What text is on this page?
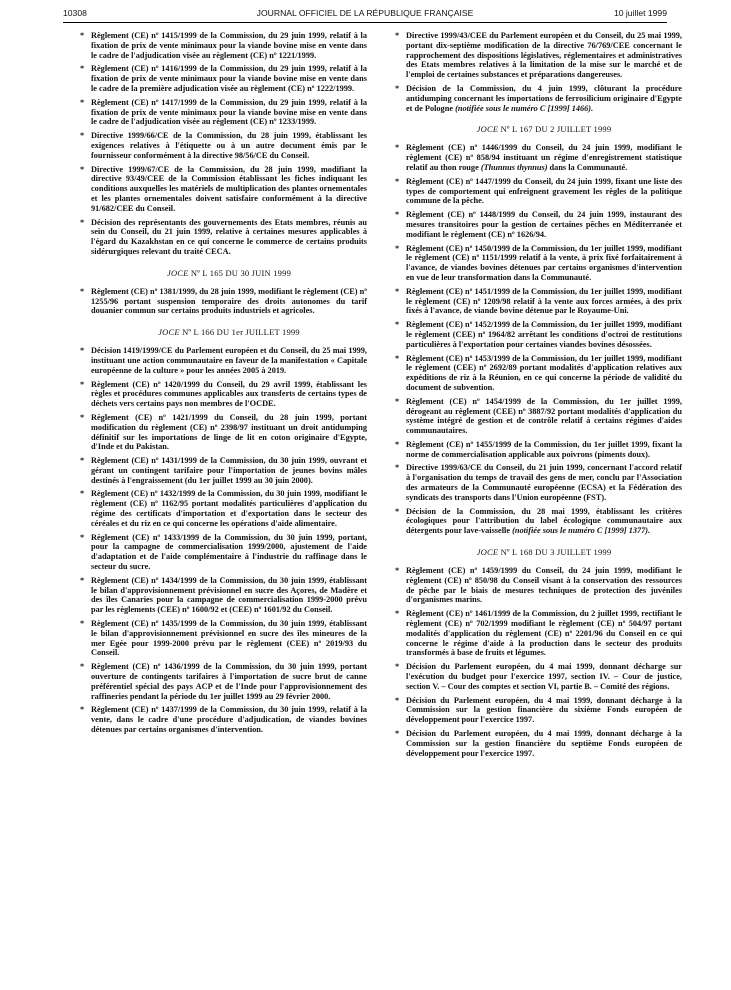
10308	JOURNAL OFFICIEL DE LA RÉPUBLIQUE FRANÇAISE	10 juillet 1999
* Règlement (CE) nº 1415/1999 de la Commission, du 29 juin 1999, relatif à la fixation de prix de vente minimaux pour la viande bovine mise en vente dans le cadre de l'adjudication visée au règlement (CE) nº 1221/1999.
* Règlement (CE) nº 1416/1999 de la Commission, du 29 juin 1999, relatif à la fixation de prix de vente minimaux pour la viande bovine mise en vente dans le cadre de la première adjudication visée au règlement (CE) nº 1222/1999.
* Règlement (CE) nº 1417/1999 de la Commission, du 29 juin 1999, relatif à la fixation de prix de vente minimaux pour la viande bovine mise en vente dans le cadre de l'adjudication visée au règlement (CE) nº 1233/1999.
* Directive 1999/66/CE de la Commission, du 28 juin 1999, établissant les exigences relatives à l'étiquette ou à un autre document émis par le fournisseur conformément à la directive 98/56/CE du Conseil.
* Directive 1999/67/CE de la Commission, du 28 juin 1999, modifiant la directive 93/49/CEE de la Commission établissant les fiches indiquant les conditions auxquelles les matériels de multiplication des plantes ornementales et les plantes ornementales doivent satisfaire conformément à la directive 91/682/CEE du Conseil.
* Décision des représentants des gouvernements des Etats membres, réunis au sein du Conseil, du 21 juin 1999, relative à certaines mesures applicables à l'égard du Kazakhstan en ce qui concerne le commerce de certains produits sidérurgiques relevant du traité CECA.
JOCE Nº L 165 DU 30 JUIN 1999
* Règlement (CE) nº 1381/1999, du 28 juin 1999, modifiant le règlement (CE) nº 1255/96 portant suspension temporaire des droits autonomes du tarif douanier commun sur certains produits industriels et agricoles.
JOCE Nº L 166 DU 1er JUILLET 1999
* Décision 1419/1999/CE du Parlement européen et du Conseil, du 25 mai 1999, instituant une action communautaire en faveur de la manifestation « Capitale européenne de la culture » pour les années 2005 à 2019.
* Règlement (CE) nº 1420/1999 du Conseil, du 29 avril 1999, établissant les règles et procédures communes applicables aux transferts de certains types de déchets vers certains pays non membres de l'OCDE.
* Règlement (CE) nº 1421/1999 du Conseil, du 28 juin 1999, portant modification du règlement (CE) nº 2398/97 instituant un droit antidumping définitif sur les importations de linge de lit en coton originaire d'Egypte, d'Inde et du Pakistan.
* Règlement (CE) nº 1431/1999 de la Commission, du 30 juin 1999, ouvrant et gérant un contingent tarifaire pour l'importation de jeunes bovins mâles destinés à l'engraissement (du 1er juillet 1999 au 30 juin 2000).
* Règlement (CE) nº 1432/1999 de la Commission, du 30 juin 1999, modifiant le règlement (CE) nº 1162/95 portant modalités particulières d'application du régime des certificats d'importation et d'exportation dans le secteur des céréales et du riz en ce qui concerne les opérations d'aide alimentaire.
* Règlement (CE) nº 1433/1999 de la Commission, du 30 juin 1999, portant, pour la campagne de commercialisation 1999/2000, ajustement de l'aide d'adaptation et de l'aide complémentaire à l'industrie du raffinage dans le secteur du sucre.
* Règlement (CE) nº 1434/1999 de la Commission, du 30 juin 1999, établissant le bilan d'approvisionnement prévisionnel en sucre des Açores, de Madère et des îles Canaries pour la campagne de commercialisation 1999-2000 prévu par les règlements (CEE) nº 1600/92 et (CEE) nº 1601/92 du Conseil.
* Règlement (CE) nº 1435/1999 de la Commission, du 30 juin 1999, établissant le bilan d'approvisionnement prévisionnel en sucre des îles mineures de la mer Egée pour 1999-2000 prévu par le règlement (CEE) nº 2019/93 du Conseil.
* Règlement (CE) nº 1436/1999 de la Commission, du 30 juin 1999, portant ouverture de contingents tarifaires à l'importation de sucre brut de canne préférentiel spécial des pays ACP et de l'Inde pour l'approvisionnement des raffineries pendant la période du 1er juillet 1999 au 29 février 2000.
* Règlement (CE) nº 1437/1999 de la Commission, du 30 juin 1999, relatif à la vente, dans le cadre d'une procédure d'adjudication, de viandes bovines détenues par certains organismes d'intervention.
* Directive 1999/43/CEE du Parlement européen et du Conseil, du 25 mai 1999, portant dix-septième modification de la directive 76/769/CEE concernant le rapprochement des dispositions législatives, réglementaires et administratives des Etats membres relatives à la limitation de la mise sur le marché et de l'emploi de certaines substances et préparations dangereuses.
* Décision de la Commission, du 4 juin 1999, clôturant la procédure antidumping concernant les importations de ferrosilicium originaire d'Egypte et de Pologne (notifiée sous le numéro C [1999] 1466).
JOCE Nº L 167 DU 2 JUILLET 1999
* Règlement (CE) nº 1446/1999 du Conseil, du 24 juin 1999, modifiant le règlement (CE) nº 858/94 instituant un régime d'enregistrement statistique relatif au thon rouge (Thunnus thynnus) dans la Communauté.
* Règlement (CE) nº 1447/1999 du Conseil, du 24 juin 1999, fixant une liste des types de comportement qui enfreignent gravement les règles de la politique commune de la pêche.
* Règlement (CE) nº 1448/1999 du Conseil, du 24 juin 1999, instaurant des mesures transitoires pour la gestion de certaines pêches en Méditerranée et modifiant le règlement (CE) nº 1626/94.
* Règlement (CE) nº 1450/1999 de la Commission, du 1er juillet 1999, modifiant le règlement (CE) nº 1151/1999 relatif à la vente, à prix fixé forfaitairement à l'avance, de viandes bovines détenues par certains organismes d'intervention en vue de leur transformation dans la Communauté.
* Règlement (CE) nº 1451/1999 de la Commission, du 1er juillet 1999, modifiant le règlement (CE) nº 1209/98 relatif à la vente aux forces armées, à des prix fixés à l'avance, de viande bovine détenue par le Royaume-Uni.
* Règlement (CE) nº 1452/1999 de la Commission, du 1er juillet 1999, modifiant le règlement (CEE) nº 1964/82 arrêtant les conditions d'octroi de restitutions particulières à l'exportation pour certaines viandes bovines désossées.
* Règlement (CE) nº 1453/1999 de la Commission, du 1er juillet 1999, modifiant le règlement (CEE) nº 2692/89 portant modalités d'application relatives aux expéditions de riz à la Réunion, en ce qui concerne la période de validité du document de subvention.
* Règlement (CE) nº 1454/1999 de la Commission, du 1er juillet 1999, dérogeant au règlement (CEE) nº 3887/92 portant modalités d'application du système intégré de gestion et de contrôle relatif à certains régimes d'aides communautaires.
* Règlement (CE) nº 1455/1999 de la Commission, du 1er juillet 1999, fixant la norme de commercialisation applicable aux poivrons (piments doux).
* Directive 1999/63/CE du Conseil, du 21 juin 1999, concernant l'accord relatif à l'organisation du temps de travail des gens de mer, conclu par l'Association des armateurs de la Communauté européenne (ECSA) et la Fédération des syndicats des transports dans l'Union européenne (FST).
* Décision de la Commission, du 28 mai 1999, établissant les critères écologiques pour l'attribution du label écologique communautaire aux détergents pour lave-vaisselle (notifiée sous le numéro C [1999] 1377).
JOCE Nº L 168 DU 3 JUILLET 1999
* Règlement (CE) nº 1459/1999 du Conseil, du 24 juin 1999, modifiant le règlement (CE) nº 850/98 du Conseil visant à la conservation des ressources de pêche par le biais de mesures techniques de protection des juvéniles d'organismes marins.
* Règlement (CE) nº 1461/1999 de la Commission, du 2 juillet 1999, rectifiant le règlement (CE) nº 702/1999 modifiant le règlement (CE) nº 504/97 portant modalités d'application du règlement (CE) nº 2201/96 du Conseil en ce qui concerne le régime d'aide à la production dans le secteur des produits transformés à base de fruits et légumes.
* Décision du Parlement européen, du 4 mai 1999, donnant décharge sur l'exécution du budget pour l'exercice 1997, section IV. – Cour de justice, section V. – Cour des comptes et section VI, partie B. – Comité des régions.
* Décision du Parlement européen, du 4 mai 1999, donnant décharge à la Commission sur la gestion financière du sixième Fonds européen de développement pour l'exercice 1997.
* Décision du Parlement européen, du 4 mai 1999, donnant décharge à la Commission sur la gestion financière du septième Fonds européen de développement pour l'exercice 1997.
